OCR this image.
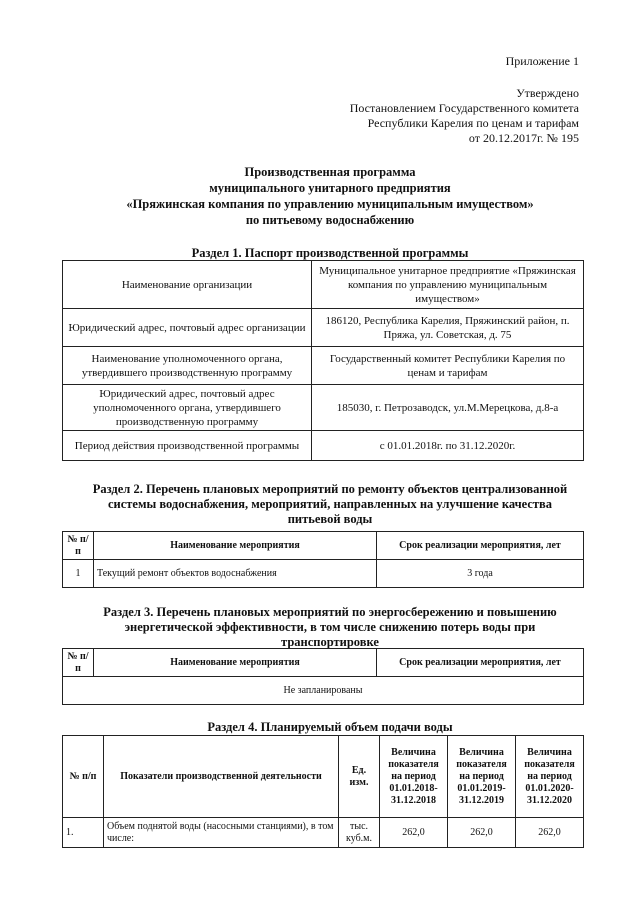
Приложение 1
Утверждено
Постановлением Государственного комитета
Республики Карелия по ценам и тарифам
от 20.12.2017г. № 195
Производственная программа
муниципального унитарного предприятия
«Пряжинская компания по управлению муниципальным имуществом»
по питьевому водоснабжению
Раздел 1. Паспорт производственной программы
Наименование организации	Муниципальное унитарное предприятие «Пряжинская компания по управлению муниципальным имуществом»
Юридический адрес, почтовый адрес организации	186120, Республика Карелия, Пряжинский район, п. Пряжа, ул. Советская, д. 75
Наименование уполномоченного органа, утвердившего производственную программу	Государственный комитет Республики Карелия по ценам и тарифам
Юридический адрес, почтовый адрес уполномоченного органа, утвердившего производственную программу	185030, г. Петрозаводск, ул.М.Мерецкова, д.8-а
Период действия производственной программы	с 01.01.2018г. по 31.12.2020г.
Раздел 2. Перечень плановых мероприятий по ремонту объектов централизованной
системы водоснабжения, мероприятий, направленных на улучшение качества
питьевой воды
№ п/п	Наименование мероприятия	Срок реализации мероприятия, лет
1	Текущий ремонт объектов водоснабжения	3 года
Раздел 3. Перечень плановых мероприятий по энергосбережению и повышению
энергетической эффективности, в том числе снижению потерь воды при
транспортировке
№ п/п	Наименование мероприятия	Срок реализации мероприятия, лет
Не запланированы
Раздел 4. Планируемый объем подачи воды
№ п/п	Показатели производственной деятельности	Ед. изм.	Величина показателя на период 01.01.2018-31.12.2018	Величина показателя на период 01.01.2019-31.12.2019	Величина показателя на период 01.01.2020-31.12.2020
1.	Объем поднятой воды (насосными станциями), в том числе:	тыс. куб.м.	262,0	262,0	262,0
